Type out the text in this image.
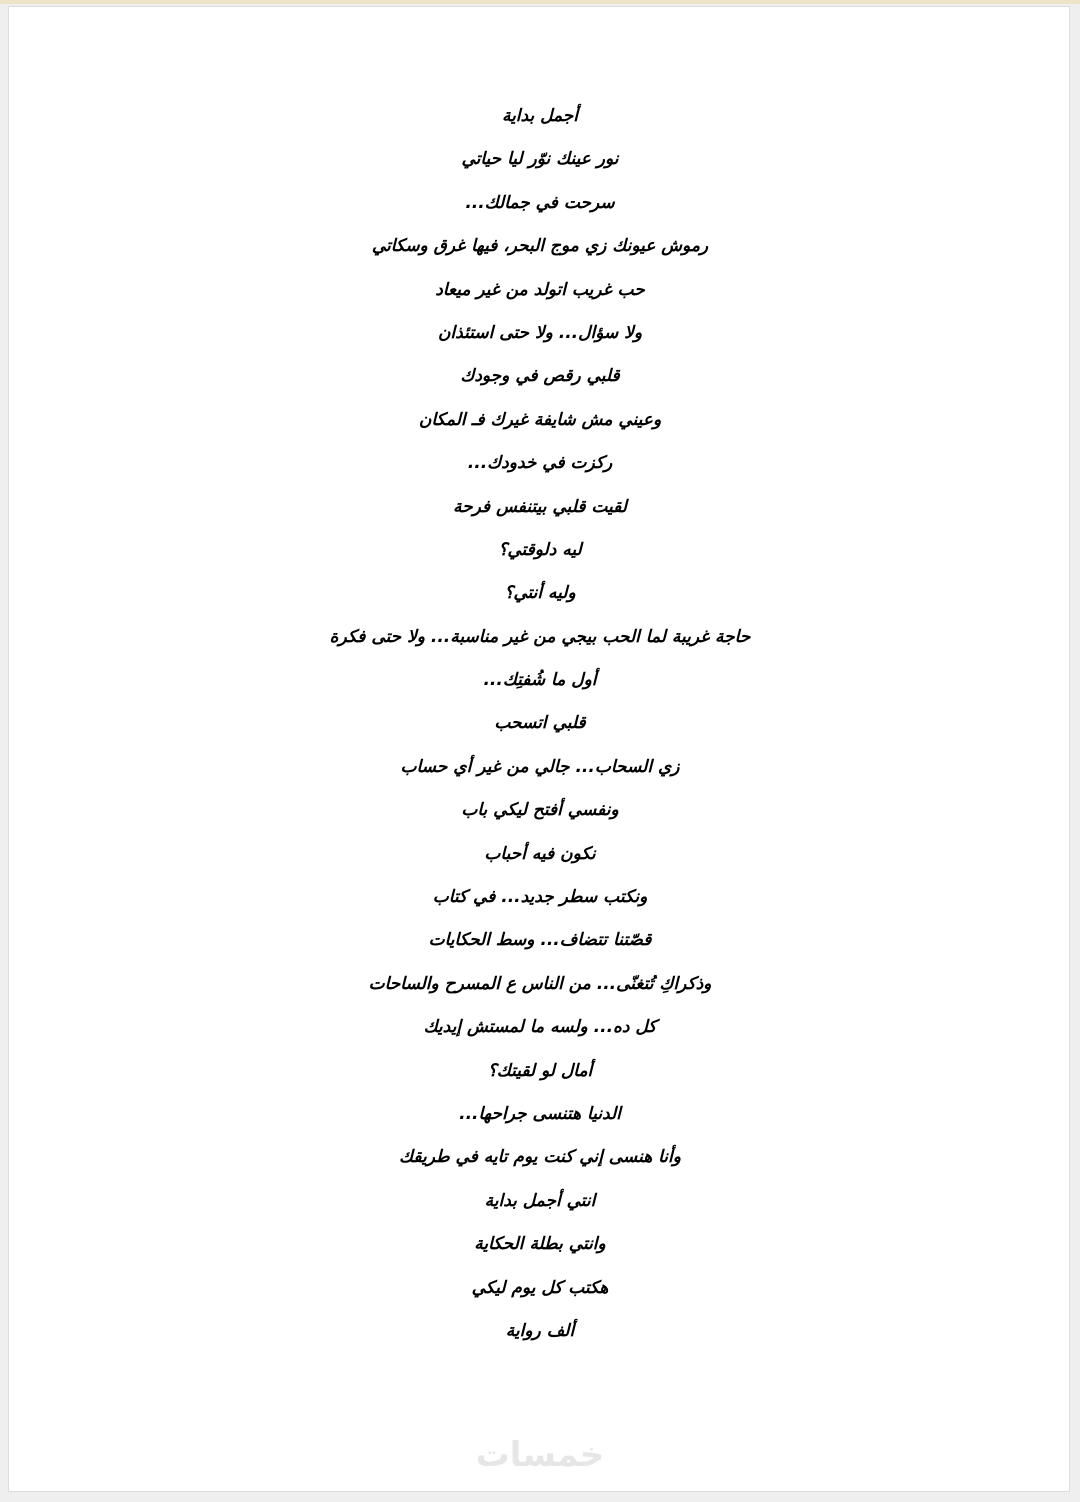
أجمل بداية
نور عينك نوّر ليا حياتي
سرحت في جمالك...
رموش عيونك زي موج البحر، فيها غرق وسكاتي
حب غريب اتولد من غير ميعاد
ولا سؤال... ولا حتى استئذان
قلبي رقص في وجودك
وعيني مش شايفة غيرك فـ المكان
ركزت في خدودك...
لقيت قلبي بيتنفس فرحة
ليه دلوقتي؟
وليه أنتي؟
حاجة غريبة لما الحب بيجي من غير مناسبة... ولا حتى فكرة
أول ما شُفتِك...
قلبي اتسحب
زي السحاب... جالي من غير أي حساب
ونفسي أفتح ليكي باب
نكون فيه أحباب
ونكتب سطر جديد... في كتاب
قصّتنا تتضاف... وسط الحكايات
وذكراكِ تُتغنّى... من الناس ع المسرح والساحات
كل ده... ولسه ما لمستش إيديك
أمال لو لقيتك؟
الدنيا هتنسى جراحها...
وأنا هنسى إني كنت يوم تايه في طريقك
انتي أجمل بداية
وانتي بطلة الحكاية
هكتب كل يوم ليكي
ألف رواية
خمسات
